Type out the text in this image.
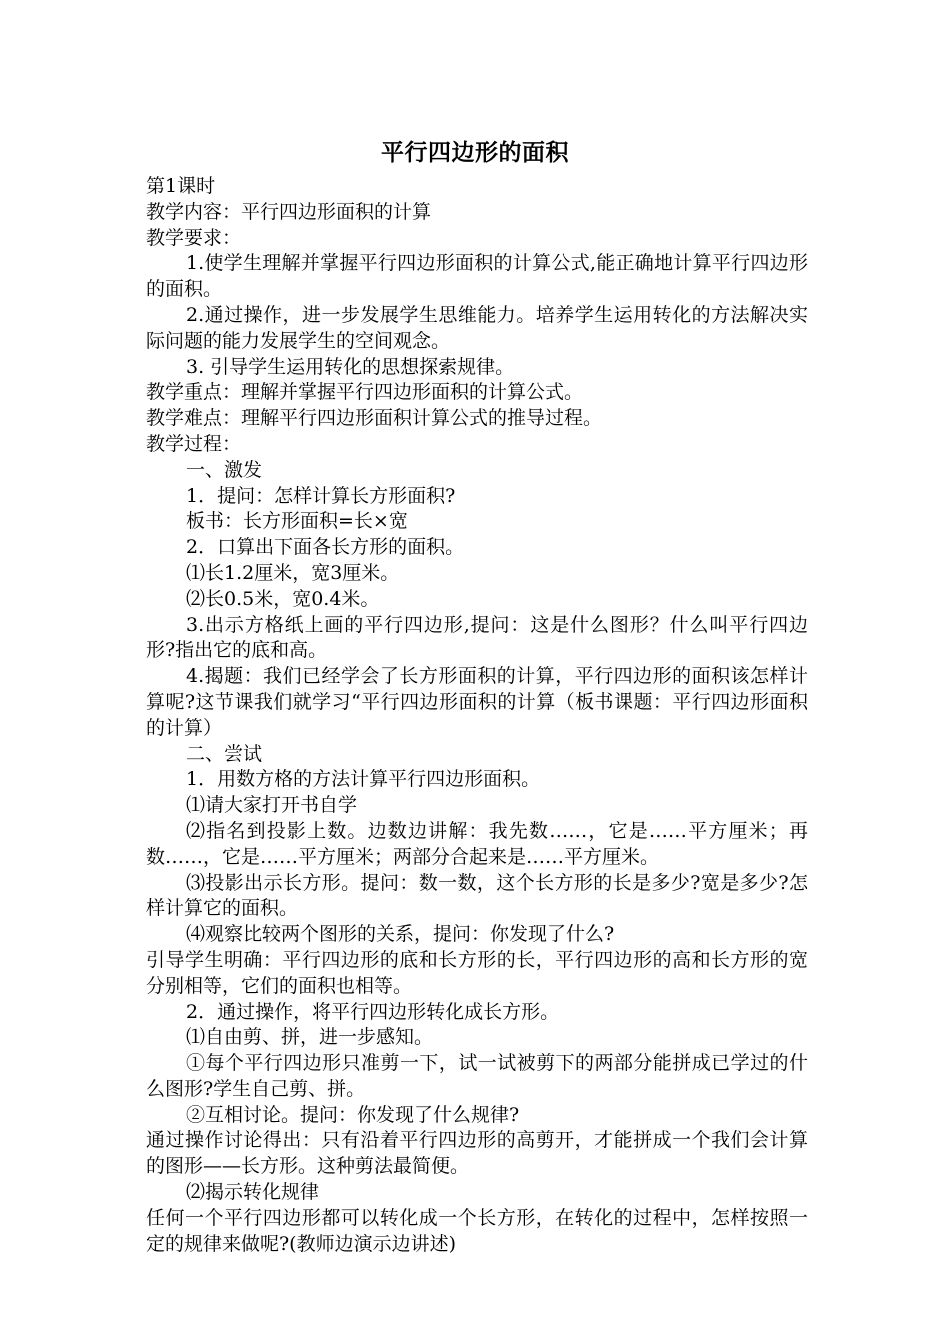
平行四边形的面积

第1课时

教学内容：平行四边形面积的计算

教学要求：

1.使学生理解并掌握平行四边形面积的计算公式,能正确地计算平行四边形的面积。

2.通过操作，进一步发展学生思维能力。培养学生运用转化的方法解决实际问题的能力发展学生的空间观念。

3. 引导学生运用转化的思想探索规律。

教学重点：理解并掌握平行四边形面积的计算公式。

教学难点：理解平行四边形面积计算公式的推导过程。

教学过程：

一、激发

1．提问：怎样计算长方形面积?

板书：长方形面积=长×宽

2．口算出下面各长方形的面积。

⑴长1.2厘米，宽3厘米。

⑵长0.5米，宽0.4米。

3.出示方格纸上画的平行四边形,提问：这是什么图形？什么叫平行四边形?指出它的底和高。

4.揭题：我们已经学会了长方形面积的计算，平行四边形的面积该怎样计算呢?这节课我们就学习“平行四边形面积的计算（板书课题：平行四边形面积的计算）

二、尝试

1．用数方格的方法计算平行四边形面积。

⑴请大家打开书自学

⑵指名到投影上数。边数边讲解：我先数……，它是……平方厘米；再数……，它是……平方厘米；两部分合起来是……平方厘米。

⑶投影出示长方形。提问：数一数，这个长方形的长是多少?宽是多少?怎样计算它的面积。

⑷观察比较两个图形的关系，提问：你发现了什么?

引导学生明确：平行四边形的底和长方形的长，平行四边形的高和长方形的宽分别相等，它们的面积也相等。

2．通过操作，将平行四边形转化成长方形。

⑴自由剪、拼，进一步感知。

①每个平行四边形只准剪一下，试一试被剪下的两部分能拼成已学过的什么图形?学生自己剪、拼。

②互相讨论。提问：你发现了什么规律?

通过操作讨论得出：只有沿着平行四边形的高剪开，才能拼成一个我们会计算的图形——长方形。这种剪法最简便。

⑵揭示转化规律

任何一个平行四边形都可以转化成一个长方形，在转化的过程中，怎样按照一定的规律来做呢?(教师边演示边讲述)
